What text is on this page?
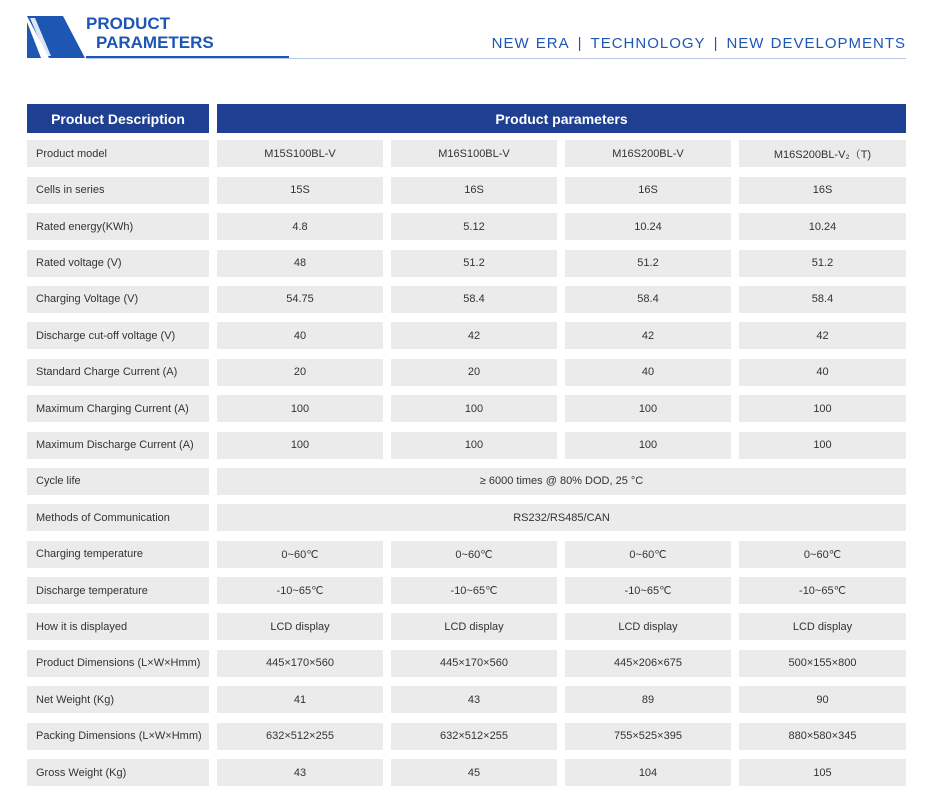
PRODUCT
PARAMETERS	NEW ERA | TECHNOLOGY | NEW DEVELOPMENTS
Product Description	Product parameters
Product model	M15S100BL-V	M16S100BL-V	M16S200BL-V	M16S200BL-V₂（T)
Cells in series	15S	16S	16S	16S
Rated energy(KWh)	4.8	5.12	10.24	10.24
Rated voltage (V)	48	51.2	51.2	51.2
Charging Voltage (V)	54.75	58.4	58.4	58.4
Discharge cut-off voltage (V)	40	42	42	42
Standard Charge Current (A)	20	20	40	40
Maximum Charging Current (A)	100	100	100	100
Maximum Discharge Current (A)	100	100	100	100
Cycle life	≥ 6000 times @ 80% DOD, 25 °C
Methods of Communication	RS232/RS485/CAN
Charging temperature	0~60℃	0~60℃	0~60℃	0~60℃
Discharge temperature	-10~65℃	-10~65℃	-10~65℃	-10~65℃
How it is displayed	LCD display	LCD display	LCD display	LCD display
Product Dimensions (L×W×Hmm)	445×170×560	445×170×560	445×206×675	500×155×800
Net Weight (Kg)	41	43	89	90
Packing Dimensions (L×W×Hmm)	632×512×255	632×512×255	755×525×395	880×580×345
Gross Weight (Kg)	43	45	104	105
